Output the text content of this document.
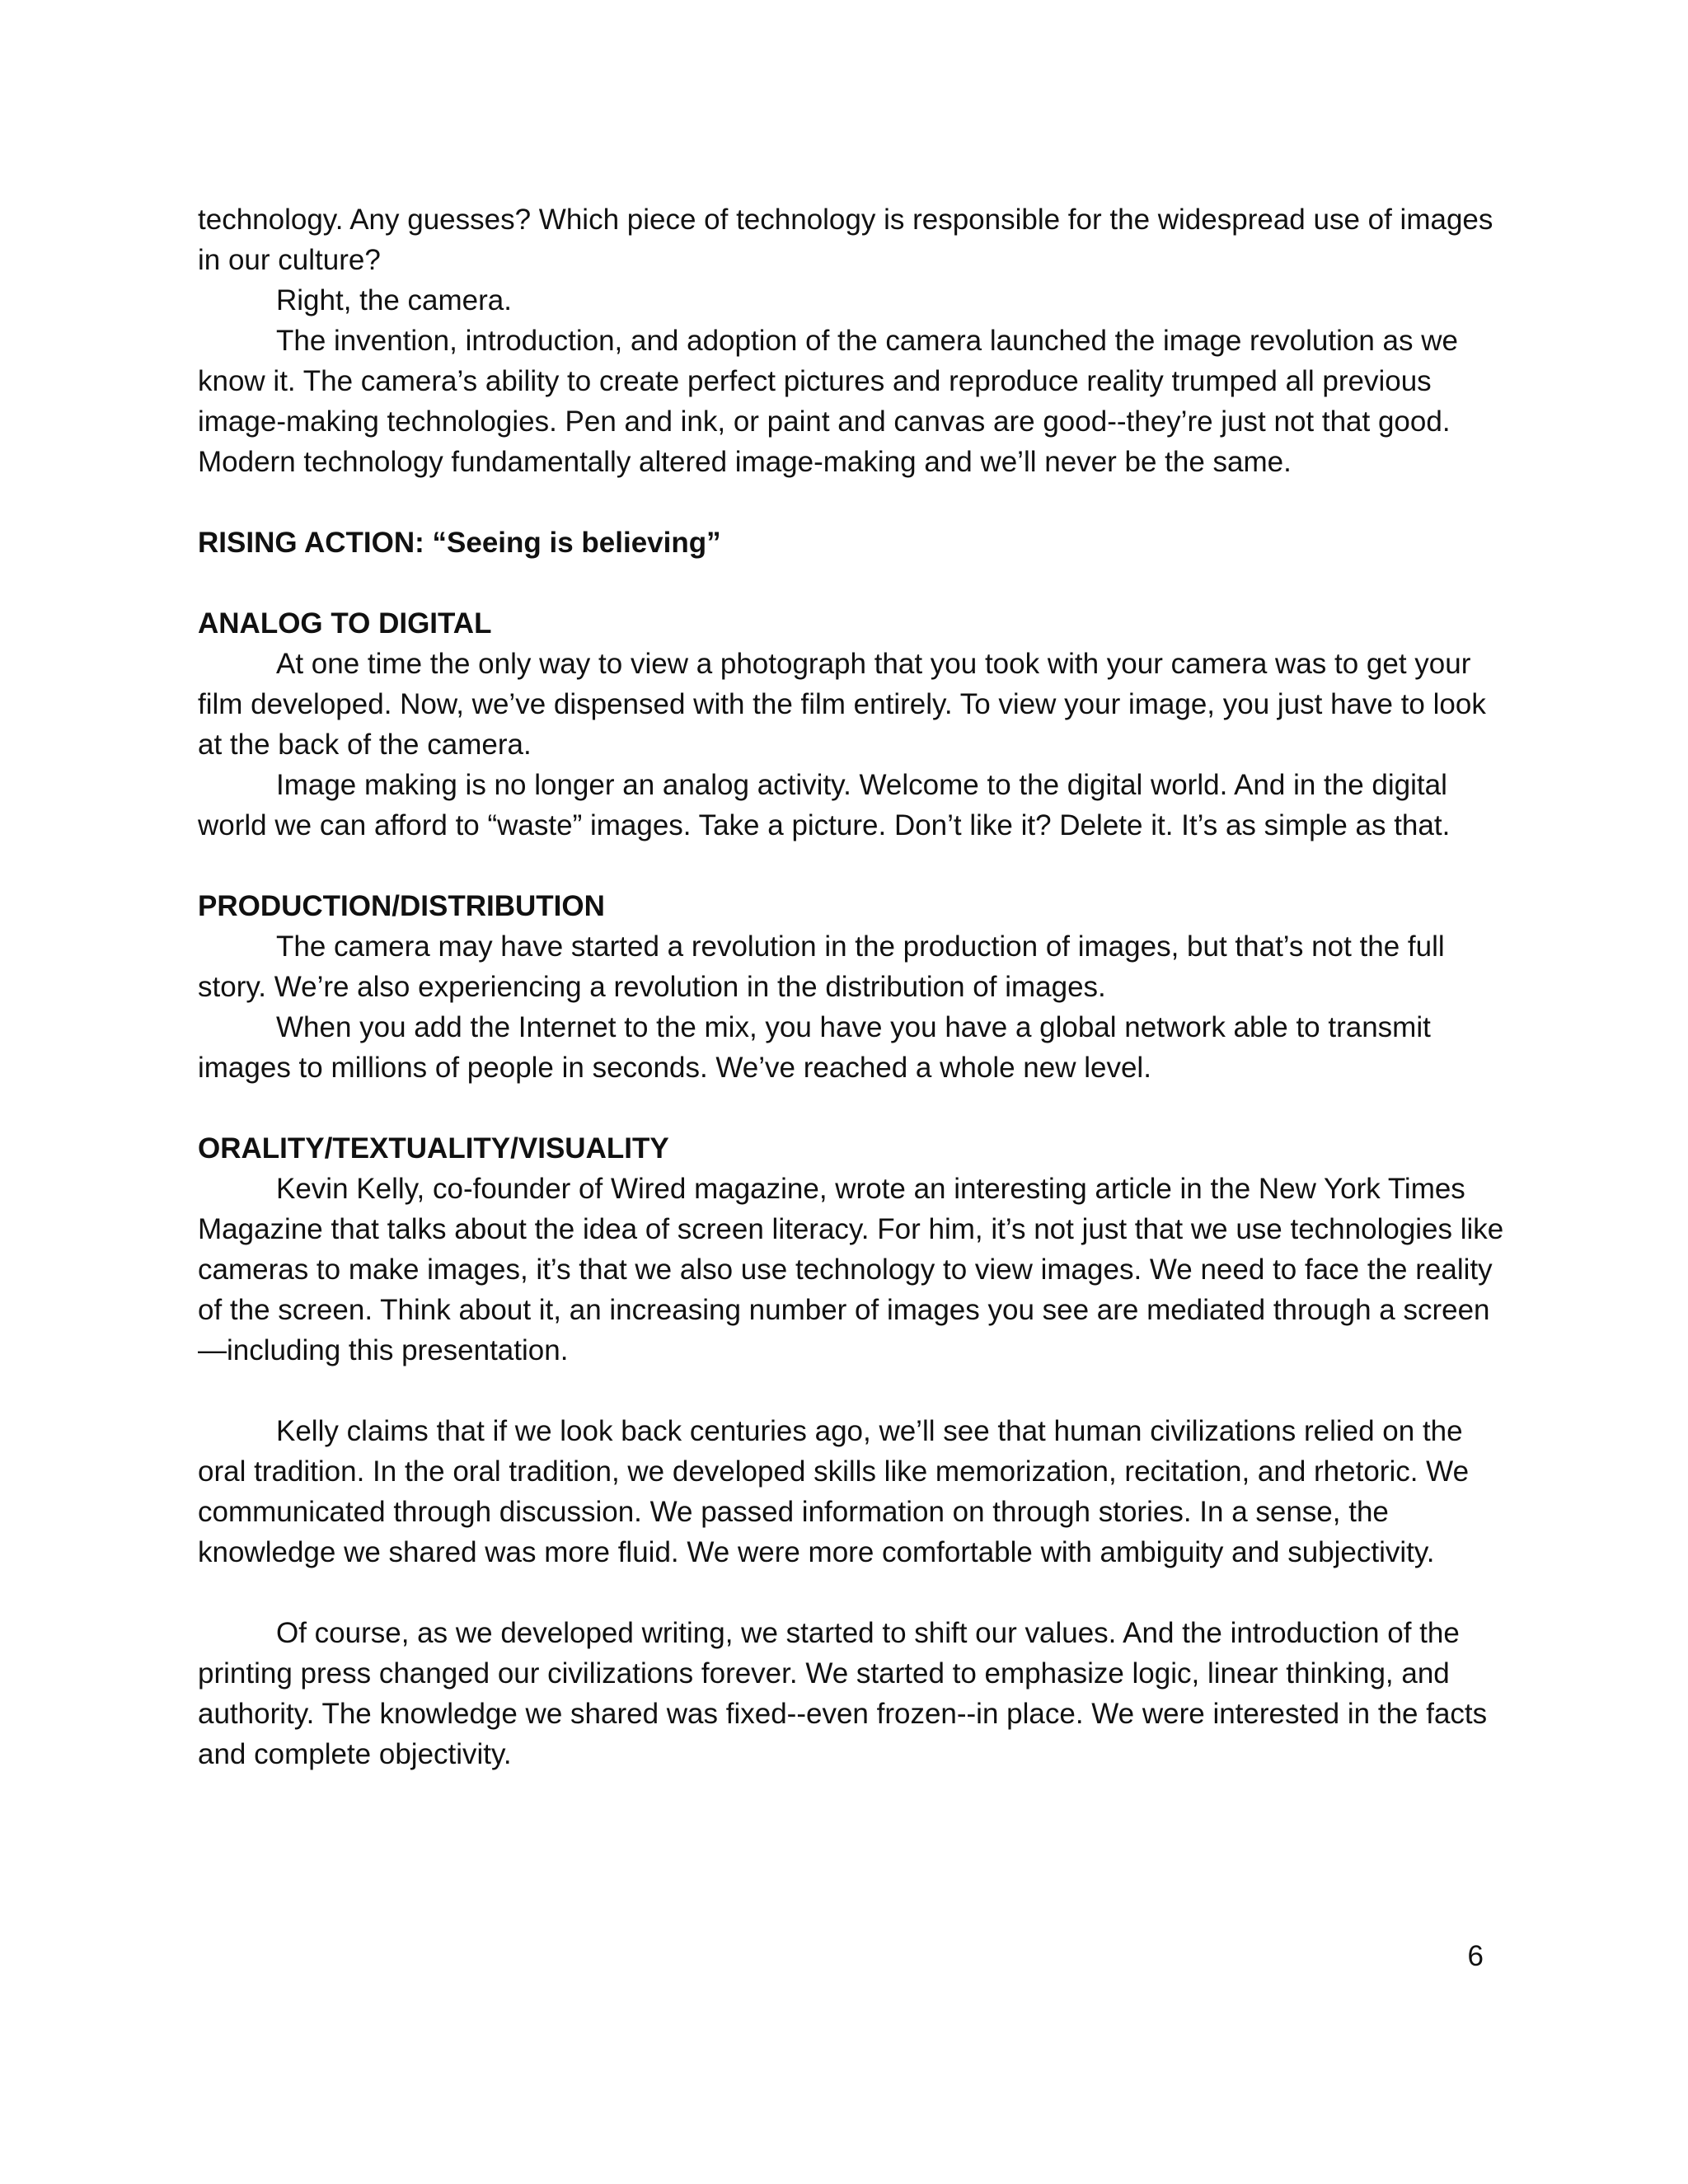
technology. Any guesses? Which piece of technology is responsible for the widespread use of images in our culture?

Right, the camera.

The invention, introduction, and adoption of the camera launched the image revolution as we know it. The camera’s ability to create perfect pictures and reproduce reality trumped all previous image-making technologies. Pen and ink, or paint and canvas are good--they’re just not that good. Modern technology fundamentally altered image-making and we’ll never be the same.

RISING ACTION: “Seeing is believing”

ANALOG TO DIGITAL

At one time the only way to view a photograph that you took with your camera was to get your film developed. Now, we’ve dispensed with the film entirely. To view your image, you just have to look at the back of the camera.

Image making is no longer an analog activity. Welcome to the digital world. And in the digital world we can afford to “waste” images. Take a picture. Don’t like it? Delete it. It’s as simple as that.

PRODUCTION/DISTRIBUTION

The camera may have started a revolution in the production of images, but that’s not the full story. We’re also experiencing a revolution in the distribution of images.

When you add the Internet to the mix, you have you have a global network able to transmit images to millions of people in seconds. We’ve reached a whole new level.

ORALITY/TEXTUALITY/VISUALITY

Kevin Kelly, co-founder of Wired magazine, wrote an interesting article in the New York Times Magazine that talks about the idea of screen literacy. For him, it’s not just that we use technologies like cameras to make images, it’s that we also use technology to view images. We need to face the reality of the screen. Think about it, an increasing number of images you see are mediated through a screen—including this presentation.

Kelly claims that if we look back centuries ago, we’ll see that human civilizations relied on the oral tradition. In the oral tradition, we developed skills like memorization, recitation, and rhetoric. We communicated through discussion. We passed information on through stories. In a sense, the knowledge we shared was more fluid. We were more comfortable with ambiguity and subjectivity.

Of course, as we developed writing, we started to shift our values. And the introduction of the printing press changed our civilizations forever. We started to emphasize logic, linear thinking, and authority. The knowledge we shared was fixed--even frozen--in place. We were interested in the facts and complete objectivity.

6
